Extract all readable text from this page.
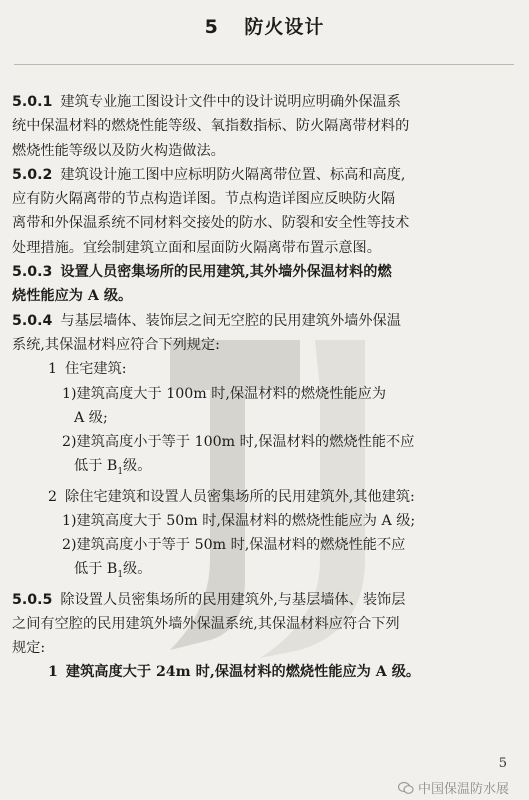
5 防火设计

5.0.1 建筑专业施工图设计文件中的设计说明应明确外保温系

统中保温材料的燃烧性能等级、氧指数指标、防火隔离带材料的

燃烧性能等级以及防火构造做法。

5.0.2 建筑设计施工图中应标明防火隔离带位置、标高和高度,

应有防火隔离带的节点构造详图。节点构造详图应反映防火隔

离带和外保温系统不同材料交接处的防水、防裂和安全性等技术

处理措施。宜绘制建筑立面和屋面防火隔离带布置示意图。

5.0.3 设置人员密集场所的民用建筑,其外墙外保温材料的燃

烧性能应为 A 级。

5.0.4 与基层墙体、装饰层之间无空腔的民用建筑外墙外保温

系统,其保温材料应符合下列规定:

1 住宅建筑:

1)建筑高度大于 100m 时,保温材料的燃烧性能应为

A 级;

2)建筑高度小于等于 100m 时,保温材料的燃烧性能不应

低于 $B_1$级。

2 除住宅建筑和设置人员密集场所的民用建筑外,其他建筑:

1)建筑高度大于 50m 时,保温材料的燃烧性能应为 A 级;

2)建筑高度小于等于 50m 时,保温材料的燃烧性能不应

低于 $B_1$级。

5.0.5 除设置人员密集场所的民用建筑外,与基层墙体、装饰层

之间有空腔的民用建筑外墙外保温系统,其保温材料应符合下列

规定:

1 建筑高度大于 24m 时,保温材料的燃烧性能应为 A 级。

5
中国保温防水展
